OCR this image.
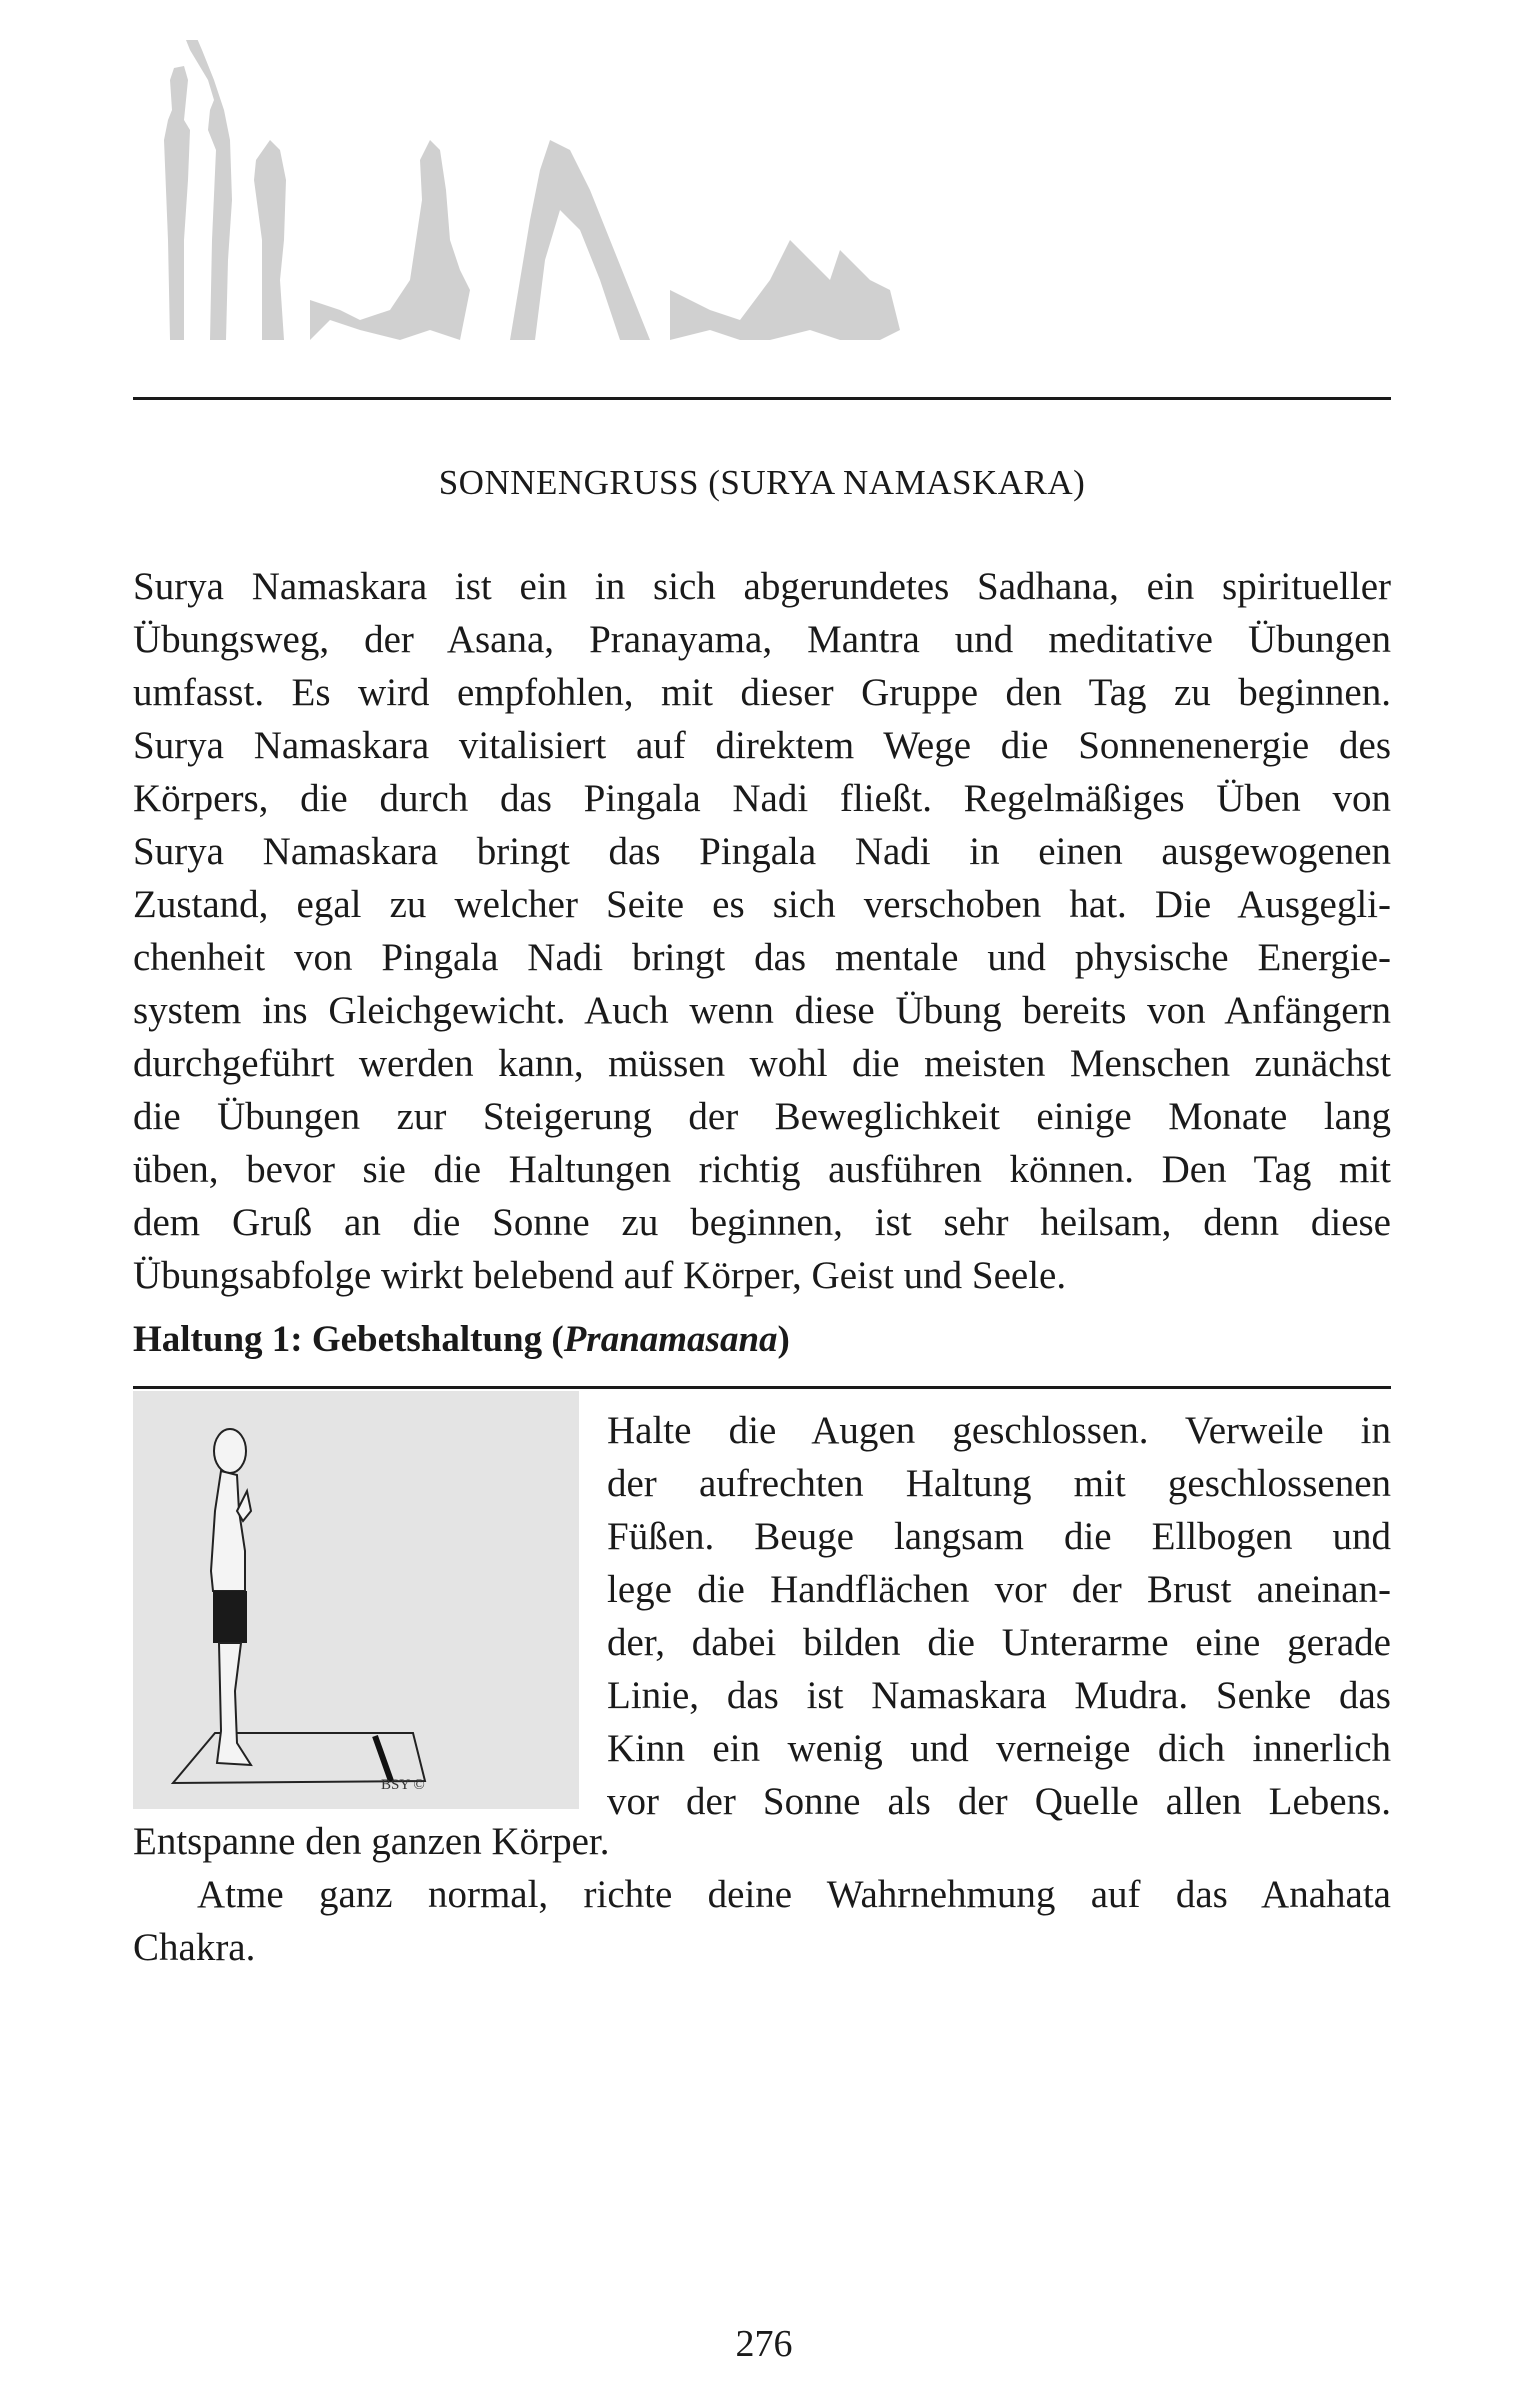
SONNENGRUSS (SURYA NAMASKARA)
Surya Namaskara ist ein in sich abgerundetes Sadhana, ein spiritueller
Übungsweg, der Asana, Pranayama, Mantra und meditative Übungen
umfasst. Es wird empfohlen, mit dieser Gruppe den Tag zu beginnen.
Surya Namaskara vitalisiert auf direktem Wege die Sonnenenergie des
Körpers, die durch das Pingala Nadi fließt. Regelmäßiges Üben von
Surya Namaskara bringt das Pingala Nadi in einen ausgewogenen
Zustand, egal zu welcher Seite es sich verschoben hat. Die Ausgegli-
chenheit von Pingala Nadi bringt das mentale und physische Energie-
system ins Gleichgewicht. Auch wenn diese Übung bereits von Anfängern
durchgeführt werden kann, müssen wohl die meisten Menschen zunächst
die Übungen zur Steigerung der Beweglichkeit einige Monate lang
üben, bevor sie die Haltungen richtig ausführen können. Den Tag mit
dem Gruß an die Sonne zu beginnen, ist sehr heilsam, denn diese
Übungsabfolge wirkt belebend auf Körper, Geist und Seele.
Haltung 1: Gebetshaltung (Pranamasana)
BSY ©
Halte die Augen geschlossen. Verweile in
der aufrechten Haltung mit geschlossenen
Füßen. Beuge langsam die Ellbogen und
lege die Handflächen vor der Brust aneinan-
der, dabei bilden die Unterarme eine gerade
Linie, das ist Namaskara Mudra. Senke das
Kinn ein wenig und verneige dich innerlich
vor der Sonne als der Quelle allen Lebens.
Entspanne den ganzen Körper.
Atme ganz normal, richte deine Wahrnehmung auf das Anahata
Chakra.
276
